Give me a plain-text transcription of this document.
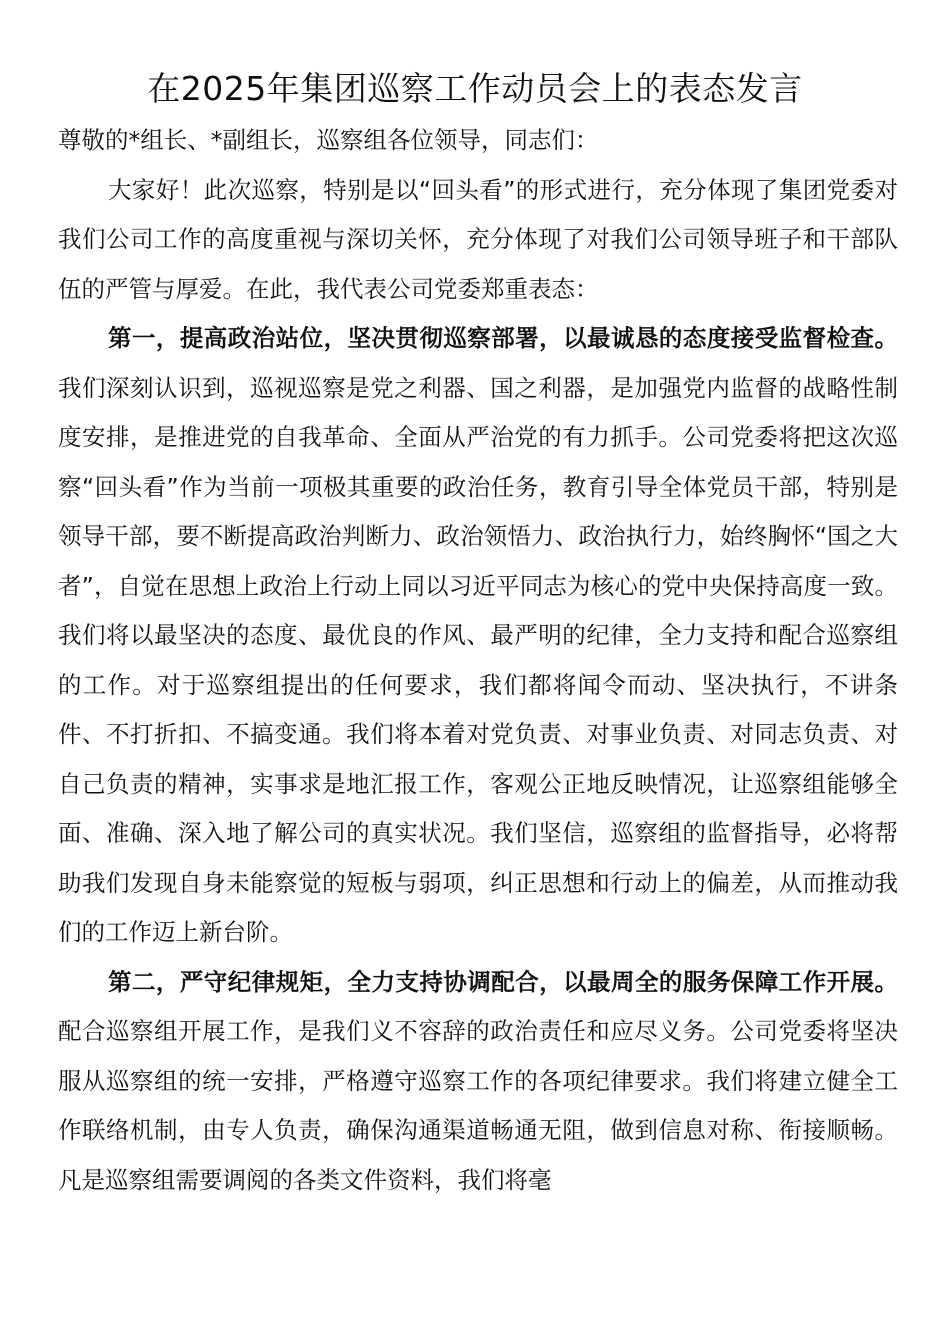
在2025年集团巡察工作动员会上的表态发言

尊敬的*组长、*副组长，巡察组各位领导，同志们：

大家好！此次巡察，特别是以“回头看”的形式进行，充分体现了集团党委对我们公司工作的高度重视与深切关怀，充分体现了对我们公司领导班子和干部队伍的严管与厚爱。在此，我代表公司党委郑重表态：

第一，提高政治站位，坚决贯彻巡察部署，以最诚恳的态度接受监督检查。我们深刻认识到，巡视巡察是党之利器、国之利器，是加强党内监督的战略性制度安排，是推进党的自我革命、全面从严治党的有力抓手。公司党委将把这次巡察“回头看”作为当前一项极其重要的政治任务，教育引导全体党员干部，特别是领导干部，要不断提高政治判断力、政治领悟力、政治执行力，始终胸怀“国之大者”，自觉在思想上政治上行动上同以习近平同志为核心的党中央保持高度一致。我们将以最坚决的态度、最优良的作风、最严明的纪律，全力支持和配合巡察组的工作。对于巡察组提出的任何要求，我们都将闻令而动、坚决执行，不讲条件、不打折扣、不搞变通。我们将本着对党负责、对事业负责、对同志负责、对自己负责的精神，实事求是地汇报工作，客观公正地反映情况，让巡察组能够全面、准确、深入地了解公司的真实状况。我们坚信，巡察组的监督指导，必将帮助我们发现自身未能察觉的短板与弱项，纠正思想和行动上的偏差，从而推动我们的工作迈上新台阶。

第二，严守纪律规矩，全力支持协调配合，以最周全的服务保障工作开展。配合巡察组开展工作，是我们义不容辞的政治责任和应尽义务。公司党委将坚决服从巡察组的统一安排，严格遵守巡察工作的各项纪律要求。我们将建立健全工作联络机制，由专人负责，确保沟通渠道畅通无阻，做到信息对称、衔接顺畅。凡是巡察组需要调阅的各类文件资料，我们将毫
